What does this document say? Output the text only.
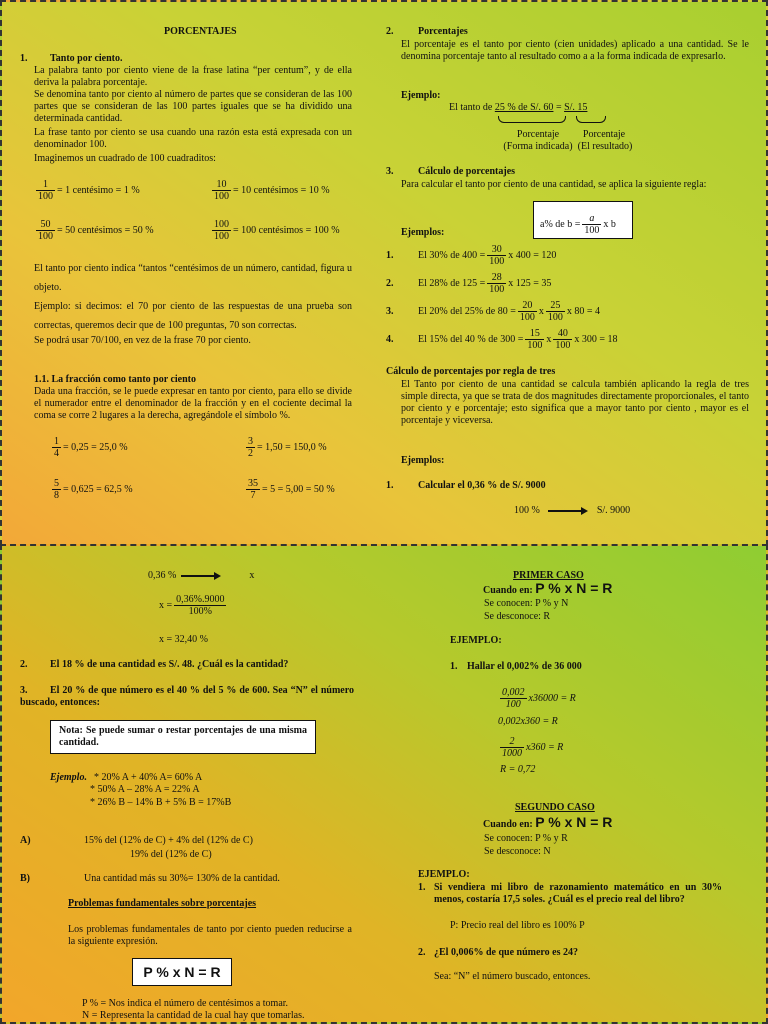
PORCENTAJES
1. Tanto por ciento.
La palabra tanto por ciento viene de la frase latina “per centum”, y de ella deriva la palabra porcentaje.
Se denomina tanto por ciento al número de partes que se consideran de las 100 partes que se consideran de las 100 partes iguales que se ha dividido una determinada cantidad.
La frase tanto por ciento se usa cuando una razón esta está expresada con un denominador 100.
Imaginemos un cuadrado de 100 cuadraditos:
$\frac{1}{100} = 1$ centésimo = 1 %	$\frac{10}{100} = 10$ centésimos = 10 %
$\frac{50}{100} = 50$ centésimos = 50 %	$\frac{100}{100} = 100$ centésimos = 100 %
El tanto por ciento indica “tantos “centésimos de un número, cantidad, figura u objeto.
Ejemplo: si decimos: el 70 por ciento de las respuestas de una prueba son correctas, queremos decir que de 100 preguntas, 70 son correctas.
Se podrá usar 70/100, en vez de la frase 70 por ciento.
1.1. La fracción como tanto por ciento
Dada una fracción, se le puede expresar en tanto por ciento, para ello se divide el numerador entre el denominador de la fracción y en el cociente decimal la coma se corre 2 lugares a la derecha, agregándole el símbolo %.
$\frac{1}{4} = 0,25 = 25,0$ %	$\frac{3}{2} = 1,50 = 150,0$ %
$\frac{5}{8} = 0,625 = 62,5$ %	$\frac{35}{7} = 5 = 5,00 = 50$ %
2. Porcentajes
El porcentaje es el tanto por ciento (cien unidades) aplicado a una cantidad. Se le denomina porcentaje tanto al resultado como a a la forma indicada de expresarlo.
Ejemplo:
El tanto de 25 % de S/. 60 = S/. 15
Porcentaje
(Forma indicada)
Porcentaje
(El resultado)
3. Cálculo de porcentajes
Para calcular el tanto por ciento de una cantidad, se aplica la siguiente regla:
a% de $b = \frac{a}{100}$ x b
Ejemplos:
1. El 30% de $400 = \frac{30}{100}$ x 400 = 120
2. El 28% de $125 = \frac{28}{100}$ x 125 = 35
3. El 20% del 25% de $80 = \frac{20}{100}$ x $\frac{25}{100}$ x 80 = 4
4. El 15% del 40 % de $300 = \frac{15}{100}$ x $\frac{40}{100}$ x 300 = 18
Cálculo de porcentajes por regla de tres
El Tanto por ciento de una cantidad se calcula también aplicando la regla de tres simple directa, ya que se trata de dos magnitudes directamente proporcionales, el tanto por ciento y e porcentaje; esto significa que a mayor tanto por ciento , mayor es el porcentaje y viceversa.
Ejemplos:
1. Calcular el 0,36 % de S/. 9000
100 %	S/. 9000
0,36 %	x
$x = \frac{0,36\%.9000}{100\%}$
x = 32,40 %
2. El 18 % de una cantidad es S/. 48. ¿Cuál es la cantidad?
3.	El 20 % de que número es el 40 % del 5 % de 600. Sea “N” el número buscado, entonces:
Nota: Se puede sumar o restar porcentajes de una misma cantidad.
Ejemplo. * 20% A + 40% A= 60% A
* 50% A – 28% A = 22% A
* 26% B – 14% B + 5% B = 17%B
A)	15% del (12% de C) + 4% del (12% de C)
19% del (12% de C)
B)	Una cantidad más su 30%= 130% de la cantidad.
Problemas fundamentales sobre porcentajes
Los problemas fundamentales de tanto por ciento pueden reducirse a la siguiente expresión.
P % x N = R
P % = Nos indica el número de centésimos a tomar.
N = Representa la cantidad de la cual hay que tomarlas.
PRIMER CASO
Cuando en: P % x N = R
Se conocen: P % y N
Se desconoce: R
EJEMPLO:
1. Hallar el 0,002% de 36 000
$\frac{0,002}{100} x36000 = R$
0,002x360 = R
$\frac{2}{1000} x360 = R$
R = 0,72
SEGUNDO CASO
Cuando en: P % x N = R
Se conocen: P % y R
Se desconoce: N
EJEMPLO:
1. Si vendiera mi libro de razonamiento matemático en un 30% menos, costaría 17,5 soles. ¿Cuál es el precio real del libro?
P: Precio real del libro es 100% P
2. ¿El 0,006% de que número es 24?
Sea: “N” el número buscado, entonces.
